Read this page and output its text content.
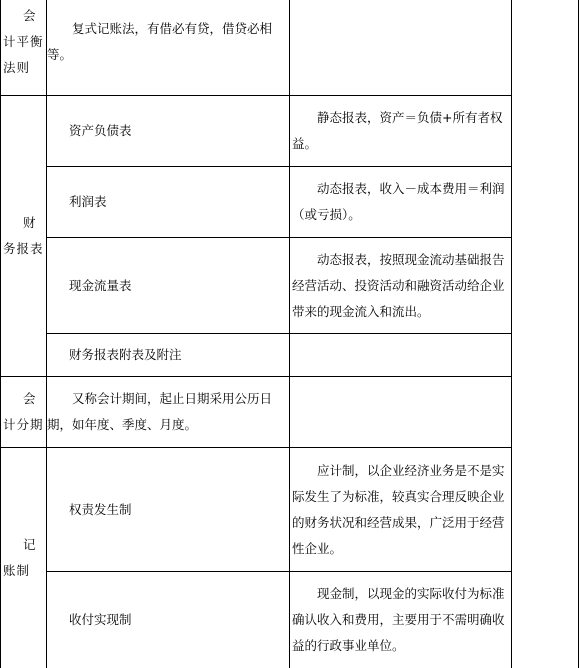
会
计平衡
法则	复式记账法，有借必有贷，借贷必相等。	

财
务报表	资产负债表	静态报表，资产＝负债+所有者权益。

	利润表	动态报表，收入－成本费用＝利润（或亏损）。

	现金流量表	动态报表，按照现金流动基础报告经营活动、投资活动和融资活动给企业带来的现金流入和流出。

	财务报表附表及附注	

会
计分期	又称会计期间，起止日期采用公历日期，如年度、季度、月度。	

记
账制	权责发生制	应计制，以企业经济业务是不是实际发生了为标准，较真实合理反映企业的财务状况和经营成果，广泛用于经营性企业。

	收付实现制	现金制，以现金的实际收付为标准确认收入和费用，主要用于不需明确收益的行政事业单位。
